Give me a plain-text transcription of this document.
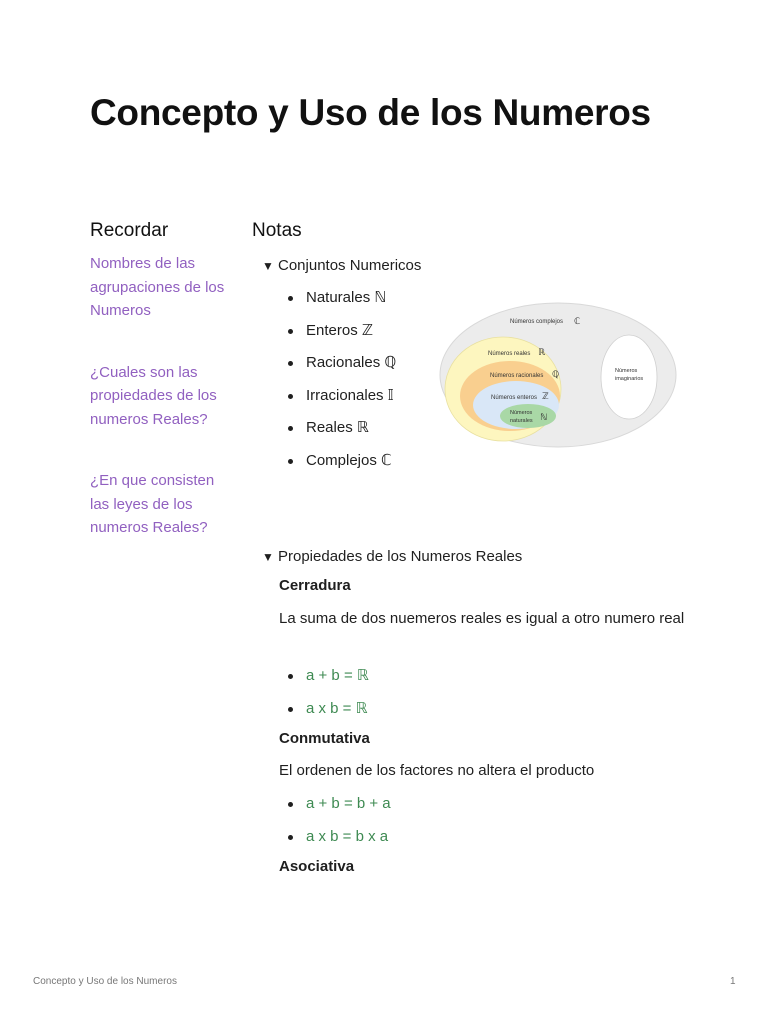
Concepto y Uso de los Numeros
Recordar

Nombres de las agrupaciones de los Numeros

¿Cuales son las propiedades de los numeros Reales?

¿En que consisten las leyes de los numeros Reales?

Notas
▼ Conjuntos Numericos
Naturales ℕ
Enteros ℤ
Racionales ℚ
Irracionales 𝕀
Reales ℝ
Complejos ℂ
Números complejos ℂ
Números reales ℝ
Números racionales ℚ
Números enteros ℤ
Números
naturales ℕ
Números
imaginarios
▼ Propiedades de los Numeros Reales
Cerradura
La suma de dos nuemeros reales es igual a otro numero real
a + b = ℝ
a x b = ℝ
Conmutativa
El ordenen de los factores no altera el producto
a + b = b + a
a x b = b x a
Asociativa
Concepto y Uso de los Numeros	1
